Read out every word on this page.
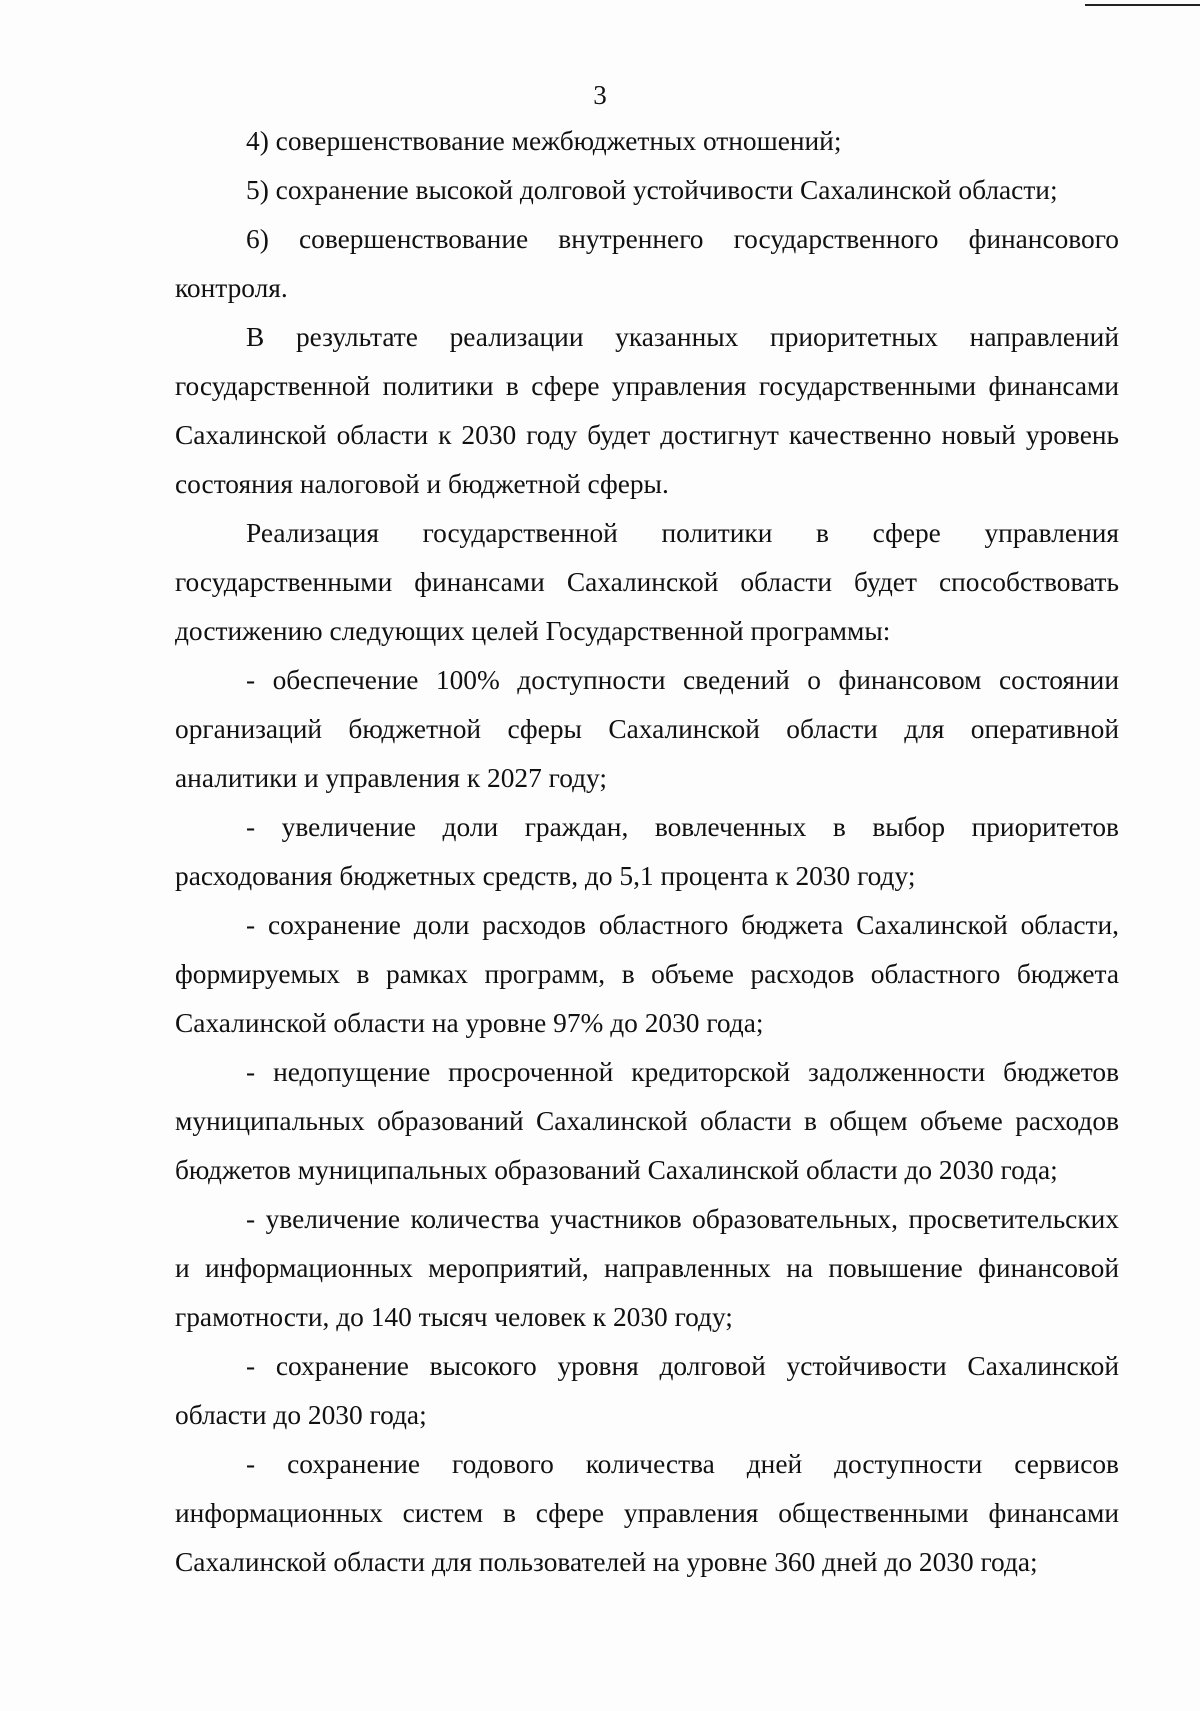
3

4) совершенствование межбюджетных отношений;

5) сохранение высокой долговой устойчивости Сахалинской области;

6) совершенствование внутреннего государственного финансового контроля.

В результате реализации указанных приоритетных направлений государственной политики в сфере управления государственными финансами Сахалинской области к 2030 году будет достигнут качественно новый уровень состояния налоговой и бюджетной сферы.

Реализация государственной политики в сфере управления государственными финансами Сахалинской области будет способствовать достижению следующих целей Государственной программы:

- обеспечение 100% доступности сведений о финансовом состоянии организаций бюджетной сферы Сахалинской области для оперативной аналитики и управления к 2027 году;

- увеличение доли граждан, вовлеченных в выбор приоритетов расходования бюджетных средств, до 5,1 процента к 2030 году;

- сохранение доли расходов областного бюджета Сахалинской области, формируемых в рамках программ, в объеме расходов областного бюджета Сахалинской области на уровне 97% до 2030 года;

- недопущение просроченной кредиторской задолженности бюджетов муниципальных образований Сахалинской области в общем объеме расходов бюджетов муниципальных образований Сахалинской области до 2030 года;

- увеличение количества участников образовательных, просветительских и информационных мероприятий, направленных на повышение финансовой грамотности, до 140 тысяч человек к 2030 году;

- сохранение высокого уровня долговой устойчивости Сахалинской области до 2030 года;

- сохранение годового количества дней доступности сервисов информационных систем в сфере управления общественными финансами Сахалинской области для пользователей на уровне 360 дней до 2030 года;
